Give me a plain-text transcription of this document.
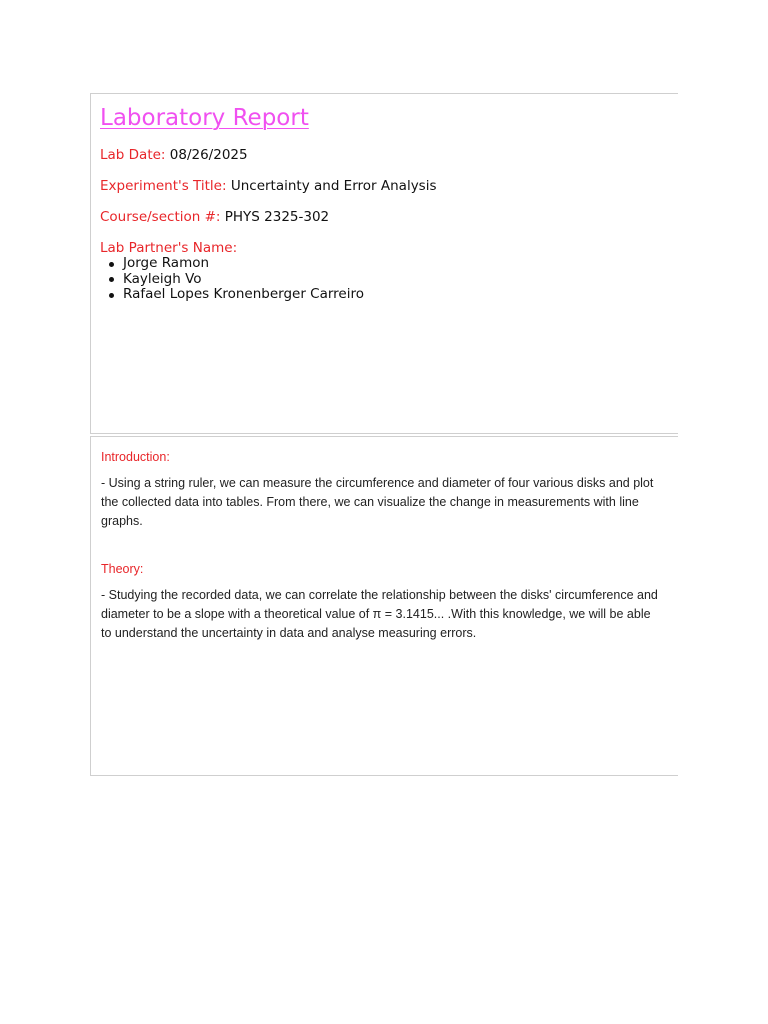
Laboratory Report
Lab Date: 08/26/2025
Experiment's Title: Uncertainty and Error Analysis
Course/section #: PHYS 2325-302
Lab Partner's Name:
Jorge Ramon
Kayleigh Vo
Rafael Lopes Kronenberger Carreiro
Introduction:

- Using a string ruler, we can measure the circumference and diameter of four various disks and plot the collected data into tables. From there, we can visualize the change in measurements with line graphs.

Theory:

- Studying the recorded data, we can correlate the relationship between the disks' circumference and diameter to be a slope with a theoretical value of π = 3.1415... .With this knowledge, we will be able to understand the uncertainty in data and analyse measuring errors.
